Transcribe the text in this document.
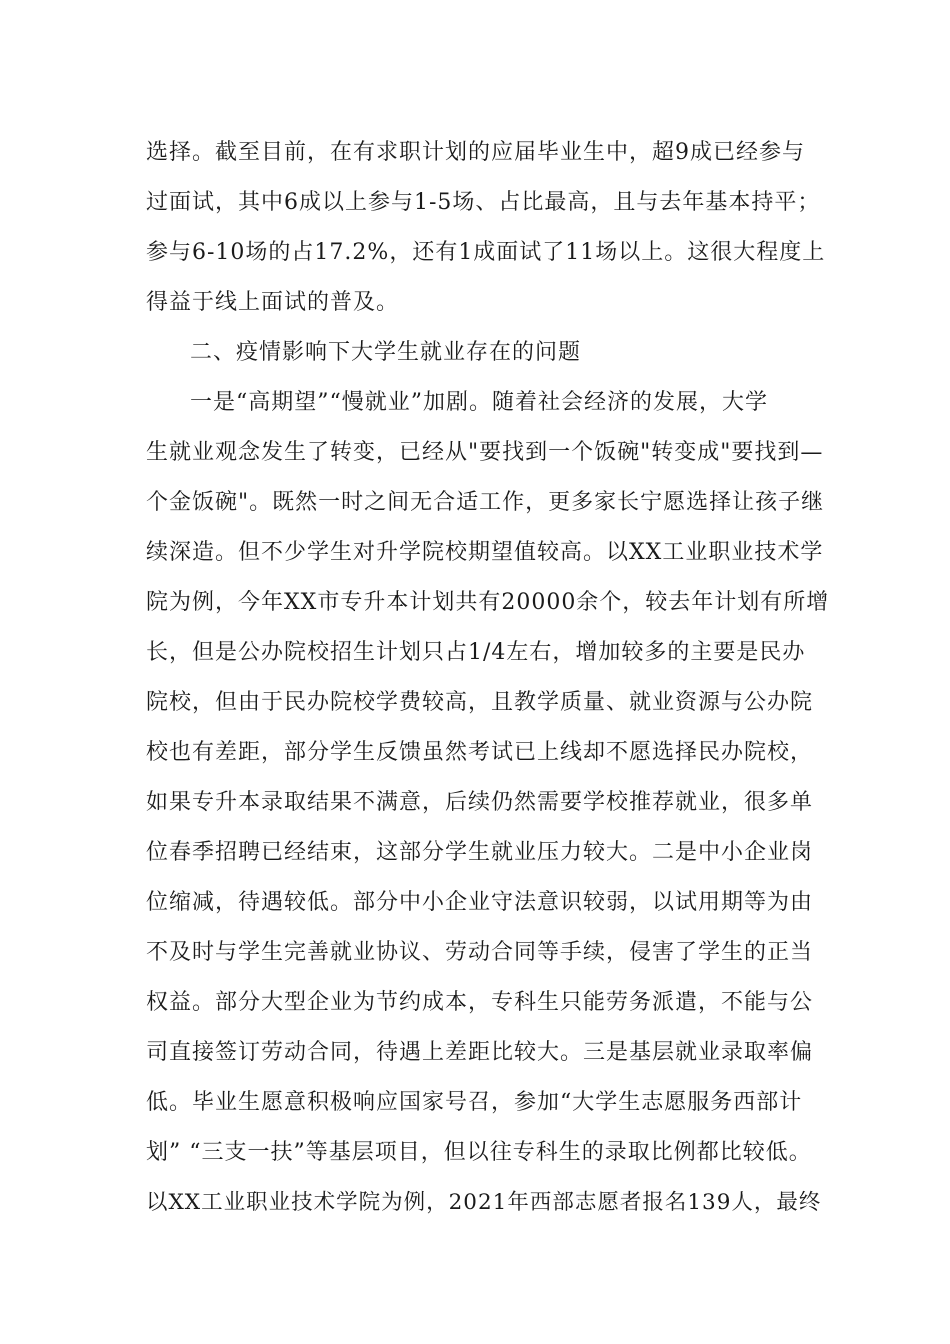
选择。截至目前，在有求职计划的应届毕业生中，超9成已经参与
过面试，其中6成以上参与1-5场、占比最高，且与去年基本持平；
参与6-10场的占17.2%，还有1成面试了11场以上。这很大程度上
得益于线上面试的普及。
二、疫情影响下大学生就业存在的问题
一是“高期望”“慢就业”加剧。随着社会经济的发展，大学
生就业观念发生了转变，已经从"要找到一个饭碗"转变成"要找到—
个金饭碗"。既然一时之间无合适工作，更多家长宁愿选择让孩子继
续深造。但不少学生对升学院校期望值较高。以XX工业职业技术学
院为例，今年XX市专升本计划共有20000余个，较去年计划有所增
长，但是公办院校招生计划只占1/4左右，增加较多的主要是民办
院校，但由于民办院校学费较高，且教学质量、就业资源与公办院
校也有差距，部分学生反馈虽然考试已上线却不愿选择民办院校，
如果专升本录取结果不满意，后续仍然需要学校推荐就业，很多单
位春季招聘已经结束，这部分学生就业压力较大。二是中小企业岗
位缩减，待遇较低。部分中小企业守法意识较弱，以试用期等为由
不及时与学生完善就业协议、劳动合同等手续，侵害了学生的正当
权益。部分大型企业为节约成本，专科生只能劳务派遣，不能与公
司直接签订劳动合同，待遇上差距比较大。三是基层就业录取率偏
低。毕业生愿意积极响应国家号召，参加“大学生志愿服务西部计
划” “三支一扶”等基层项目，但以往专科生的录取比例都比较低。
以XX工业职业技术学院为例，2021年西部志愿者报名139人，最终
